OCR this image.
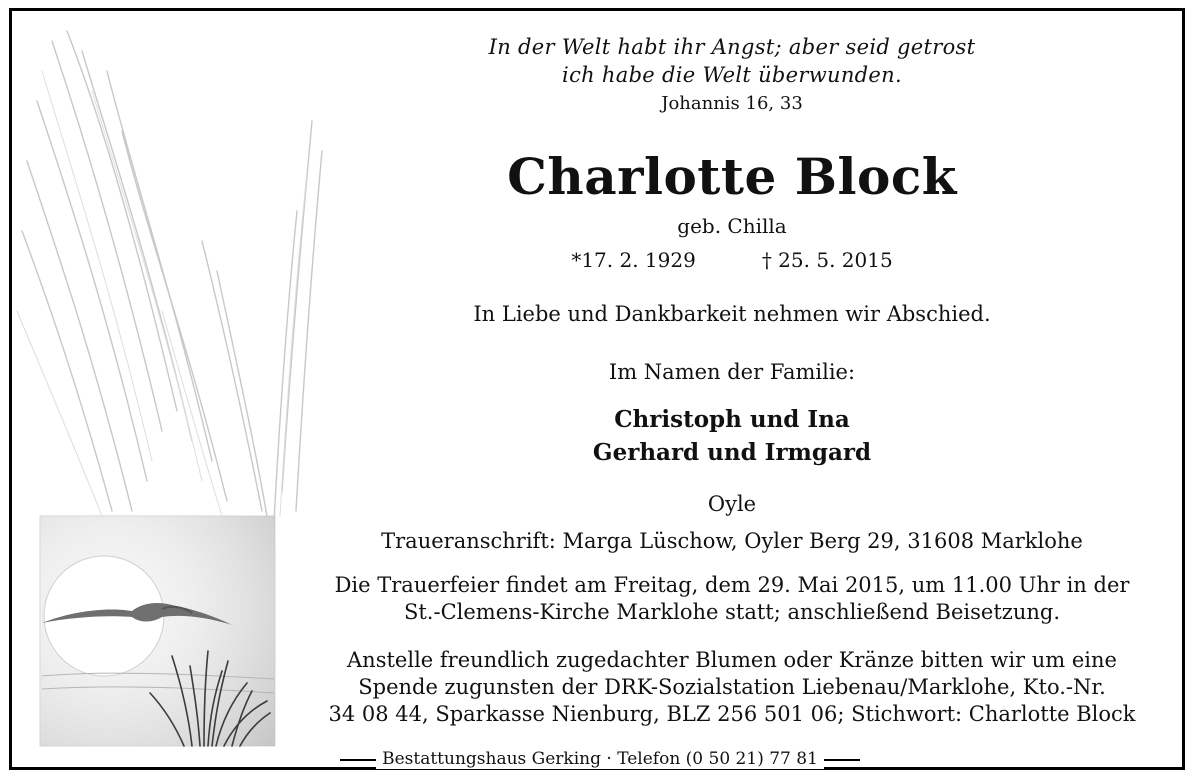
In der Welt habt ihr Angst; aber seid getrost
ich habe die Welt überwunden.
Johannis 16, 33
Charlotte Block
geb. Chilla
*17. 2. 1929	† 25. 5. 2015
In Liebe und Dankbarkeit nehmen wir Abschied.
Im Namen der Familie:
Christoph und Ina
Gerhard und Irmgard
Oyle
Traueranschrift: Marga Lüschow, Oyler Berg 29, 31608 Marklohe
Die Trauerfeier findet am Freitag, dem 29. Mai 2015, um 11.00 Uhr in der
St.-Clemens-Kirche Marklohe statt; anschließend Beisetzung.
Anstelle freundlich zugedachter Blumen oder Kränze bitten wir um eine
Spende zugunsten der DRK-Sozialstation Liebenau/Marklohe, Kto.-Nr.
34 08 44, Sparkasse Nienburg, BLZ 256 501 06; Stichwort: Charlotte Block
Bestattungshaus Gerking · Telefon (0 50 21) 77 81
